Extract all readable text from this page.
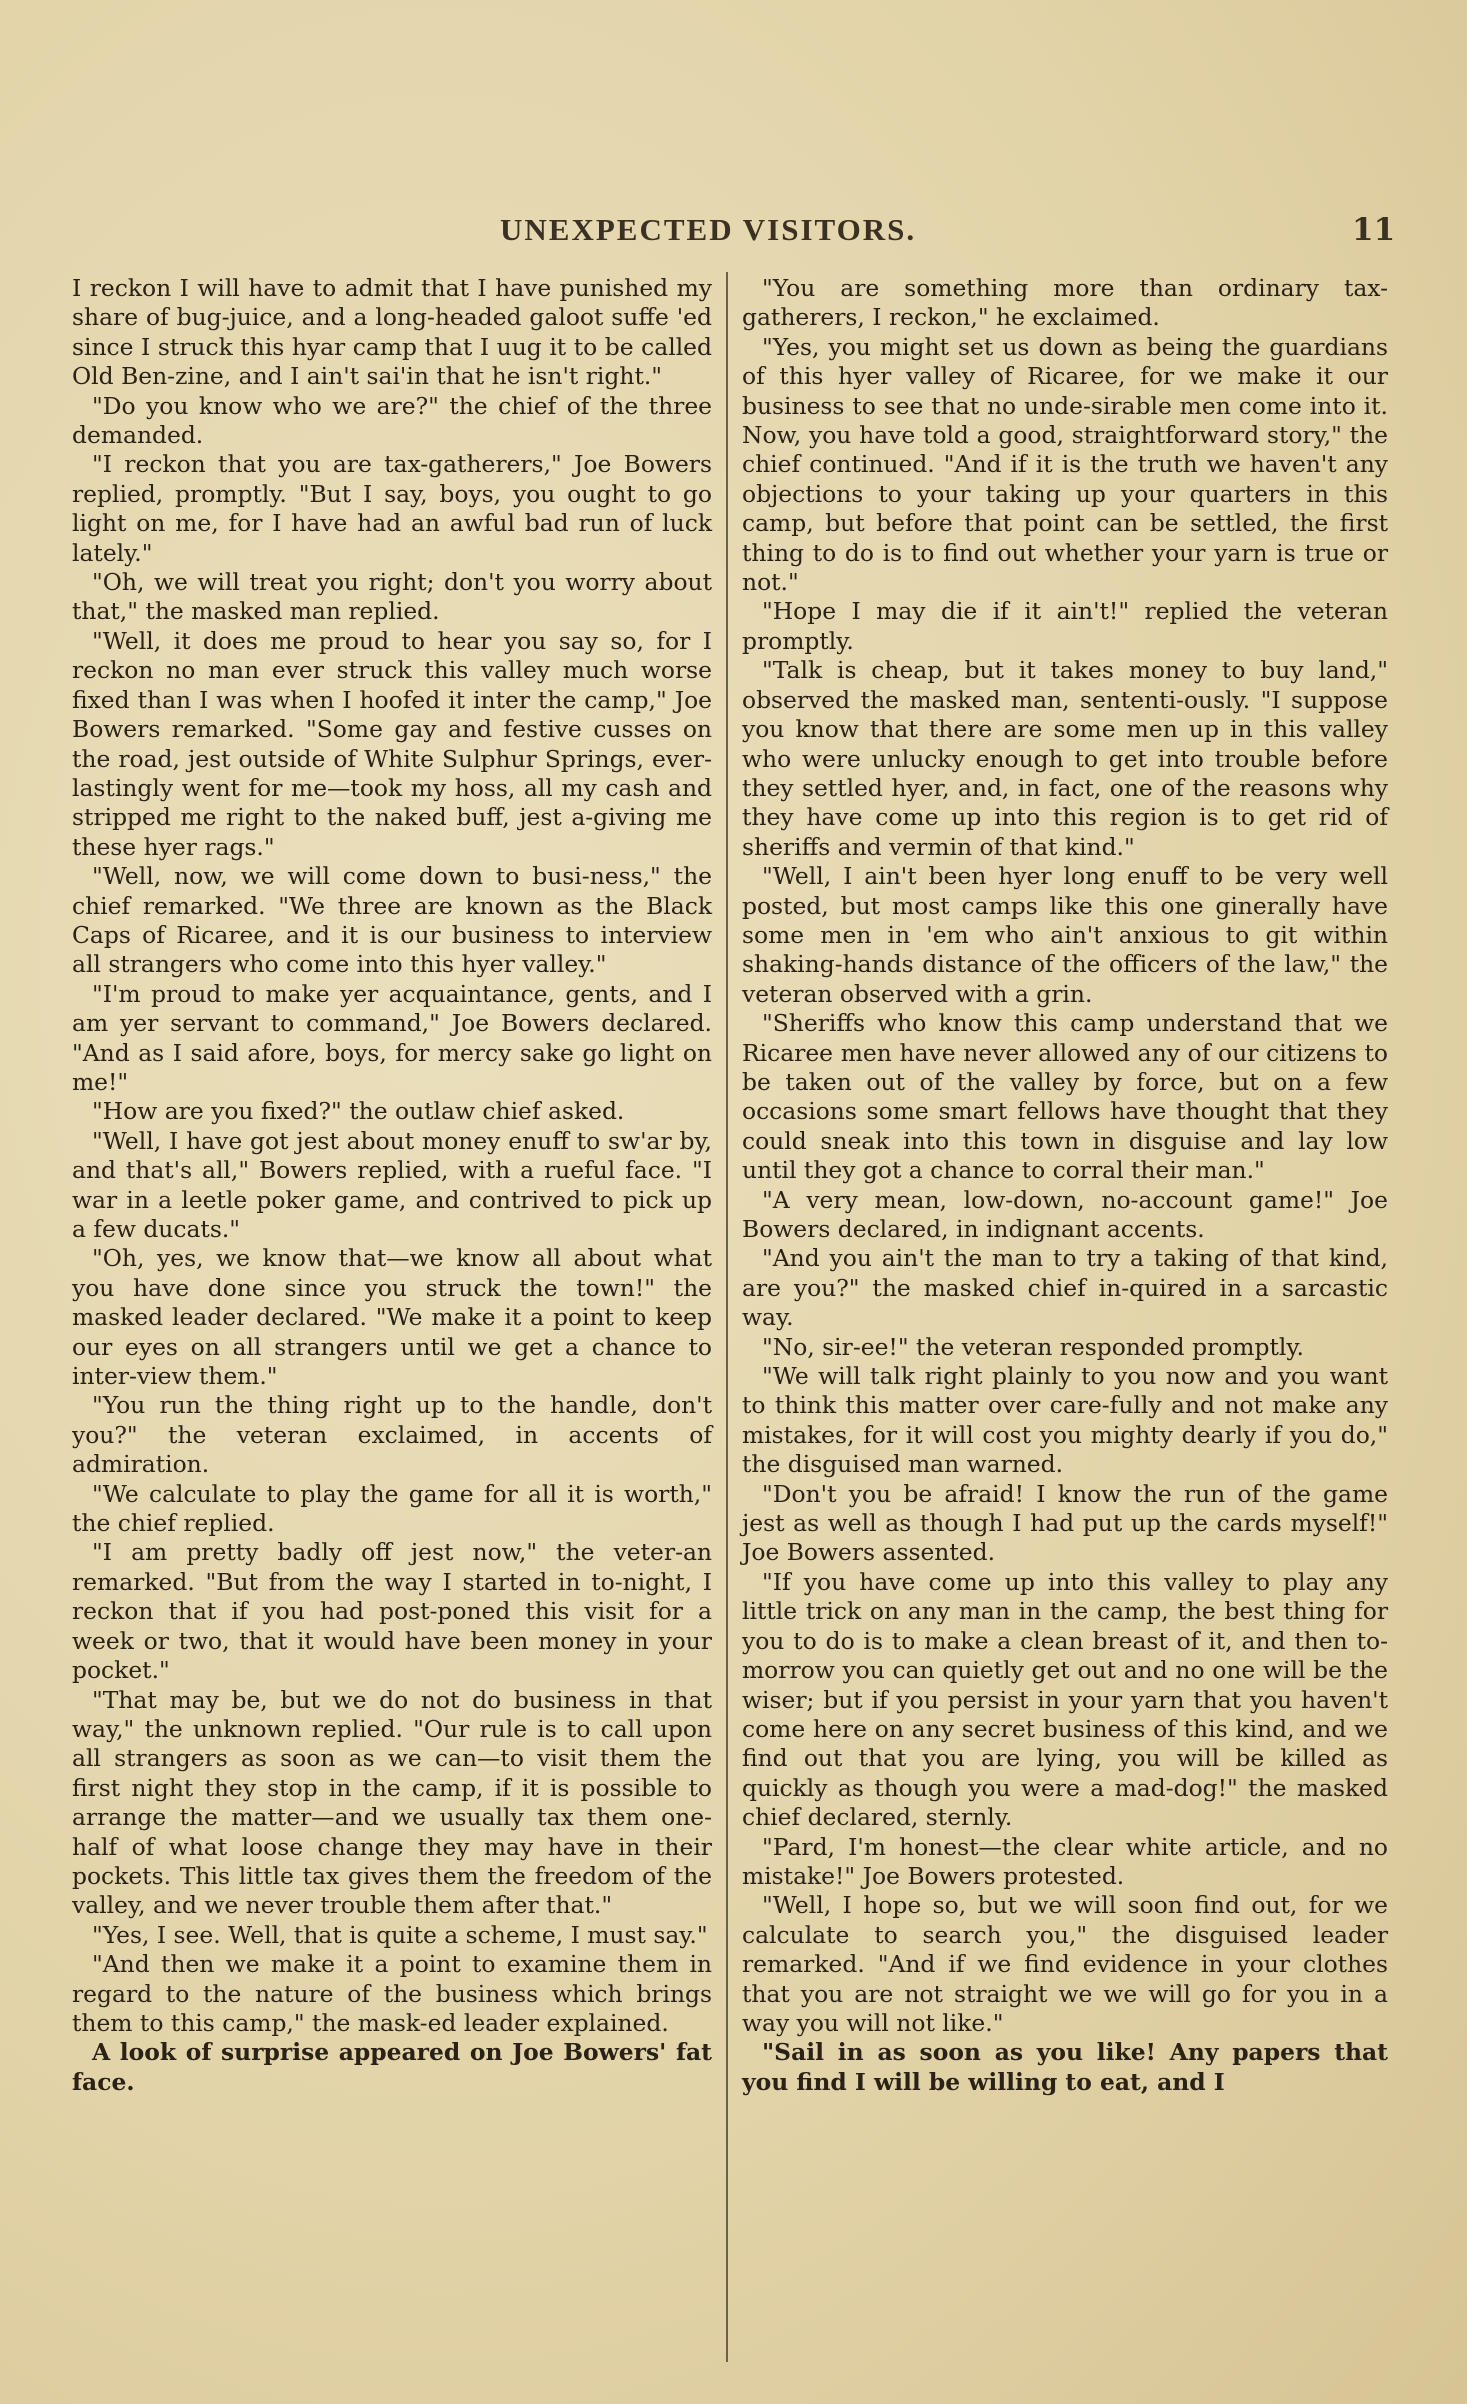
UNEXPECTED VISITORS.	11

I reckon I will have to admit that I have punished my share of bug-juice, and a long-headed galoot suffe 'ed since I struck this hyar camp that I uug it to be called Old Ben-zine, and I ain't sai'in that he isn't right."

"Do you know who we are?" the chief of the three demanded.

"I reckon that you are tax-gatherers," Joe Bowers replied, promptly. "But I say, boys, you ought to go light on me, for I have had an awful bad run of luck lately."

"Oh, we will treat you right; don't you worry about that," the masked man replied.

"Well, it does me proud to hear you say so, for I reckon no man ever struck this valley much worse fixed than I was when I hoofed it inter the camp," Joe Bowers remarked. "Some gay and festive cusses on the road, jest outside of White Sulphur Springs, ever-lastingly went for me—took my hoss, all my cash and stripped me right to the naked buff, jest a-giving me these hyer rags."

"Well, now, we will come down to busi-ness," the chief remarked. "We three are known as the Black Caps of Ricaree, and it is our business to interview all strangers who come into this hyer valley."

"I'm proud to make yer acquaintance, gents, and I am yer servant to command," Joe Bowers declared. "And as I said afore, boys, for mercy sake go light on me!"

"How are you fixed?" the outlaw chief asked.

"Well, I have got jest about money enuff to sw'ar by, and that's all," Bowers replied, with a rueful face. "I war in a leetle poker game, and contrived to pick up a few ducats."

"Oh, yes, we know that—we know all about what you have done since you struck the town!" the masked leader declared. "We make it a point to keep our eyes on all strangers until we get a chance to inter-view them."

"You run the thing right up to the handle, don't you?" the veteran exclaimed, in accents of admiration.

"We calculate to play the game for all it is worth," the chief replied.

"I am pretty badly off jest now," the veter-an remarked. "But from the way I started in to-night, I reckon that if you had post-poned this visit for a week or two, that it would have been money in your pocket."

"That may be, but we do not do business in that way," the unknown replied. "Our rule is to call upon all strangers as soon as we can—to visit them the first night they stop in the camp, if it is possible to arrange the matter—and we usually tax them one-half of what loose change they may have in their pockets. This little tax gives them the freedom of the valley, and we never trouble them after that."

"Yes, I see. Well, that is quite a scheme, I must say."

"And then we make it a point to examine them in regard to the nature of the business which brings them to this camp," the mask-ed leader explained.

A look of surprise appeared on Joe Bowers' fat face.

"You are something more than ordinary tax-gatherers, I reckon," he exclaimed.

"Yes, you might set us down as being the guardians of this hyer valley of Ricaree, for we make it our business to see that no unde-sirable men come into it. Now, you have told a good, straightforward story," the chief continued. "And if it is the truth we haven't any objections to your taking up your quarters in this camp, but before that point can be settled, the first thing to do is to find out whether your yarn is true or not."

"Hope I may die if it ain't!" replied the veteran promptly.

"Talk is cheap, but it takes money to buy land," observed the masked man, sententi-ously. "I suppose you know that there are some men up in this valley who were unlucky enough to get into trouble before they settled hyer, and, in fact, one of the reasons why they have come up into this region is to get rid of sheriffs and vermin of that kind."

"Well, I ain't been hyer long enuff to be very well posted, but most camps like this one ginerally have some men in 'em who ain't anxious to git within shaking-hands distance of the officers of the law," the veteran observed with a grin.

"Sheriffs who know this camp understand that we Ricaree men have never allowed any of our citizens to be taken out of the valley by force, but on a few occasions some smart fellows have thought that they could sneak into this town in disguise and lay low until they got a chance to corral their man."

"A very mean, low-down, no-account game!" Joe Bowers declared, in indignant accents.

"And you ain't the man to try a taking of that kind, are you?" the masked chief in-quired in a sarcastic way.

"No, sir-ee!" the veteran responded promptly.

"We will talk right plainly to you now and you want to think this matter over care-fully and not make any mistakes, for it will cost you mighty dearly if you do," the disguised man warned.

"Don't you be afraid! I know the run of the game jest as well as though I had put up the cards myself!" Joe Bowers assented.

"If you have come up into this valley to play any little trick on any man in the camp, the best thing for you to do is to make a clean breast of it, and then to-morrow you can quietly get out and no one will be the wiser; but if you persist in your yarn that you haven't come here on any secret business of this kind, and we find out that you are lying, you will be killed as quickly as though you were a mad-dog!" the masked chief declared, sternly.

"Pard, I'm honest—the clear white article, and no mistake!" Joe Bowers protested.

"Well, I hope so, but we will soon find out, for we calculate to search you," the disguised leader remarked. "And if we find evidence in your clothes that you are not straight we we will go for you in a way you will not like."

"Sail in as soon as you like! Any papers that you find I will be willing to eat, and I
